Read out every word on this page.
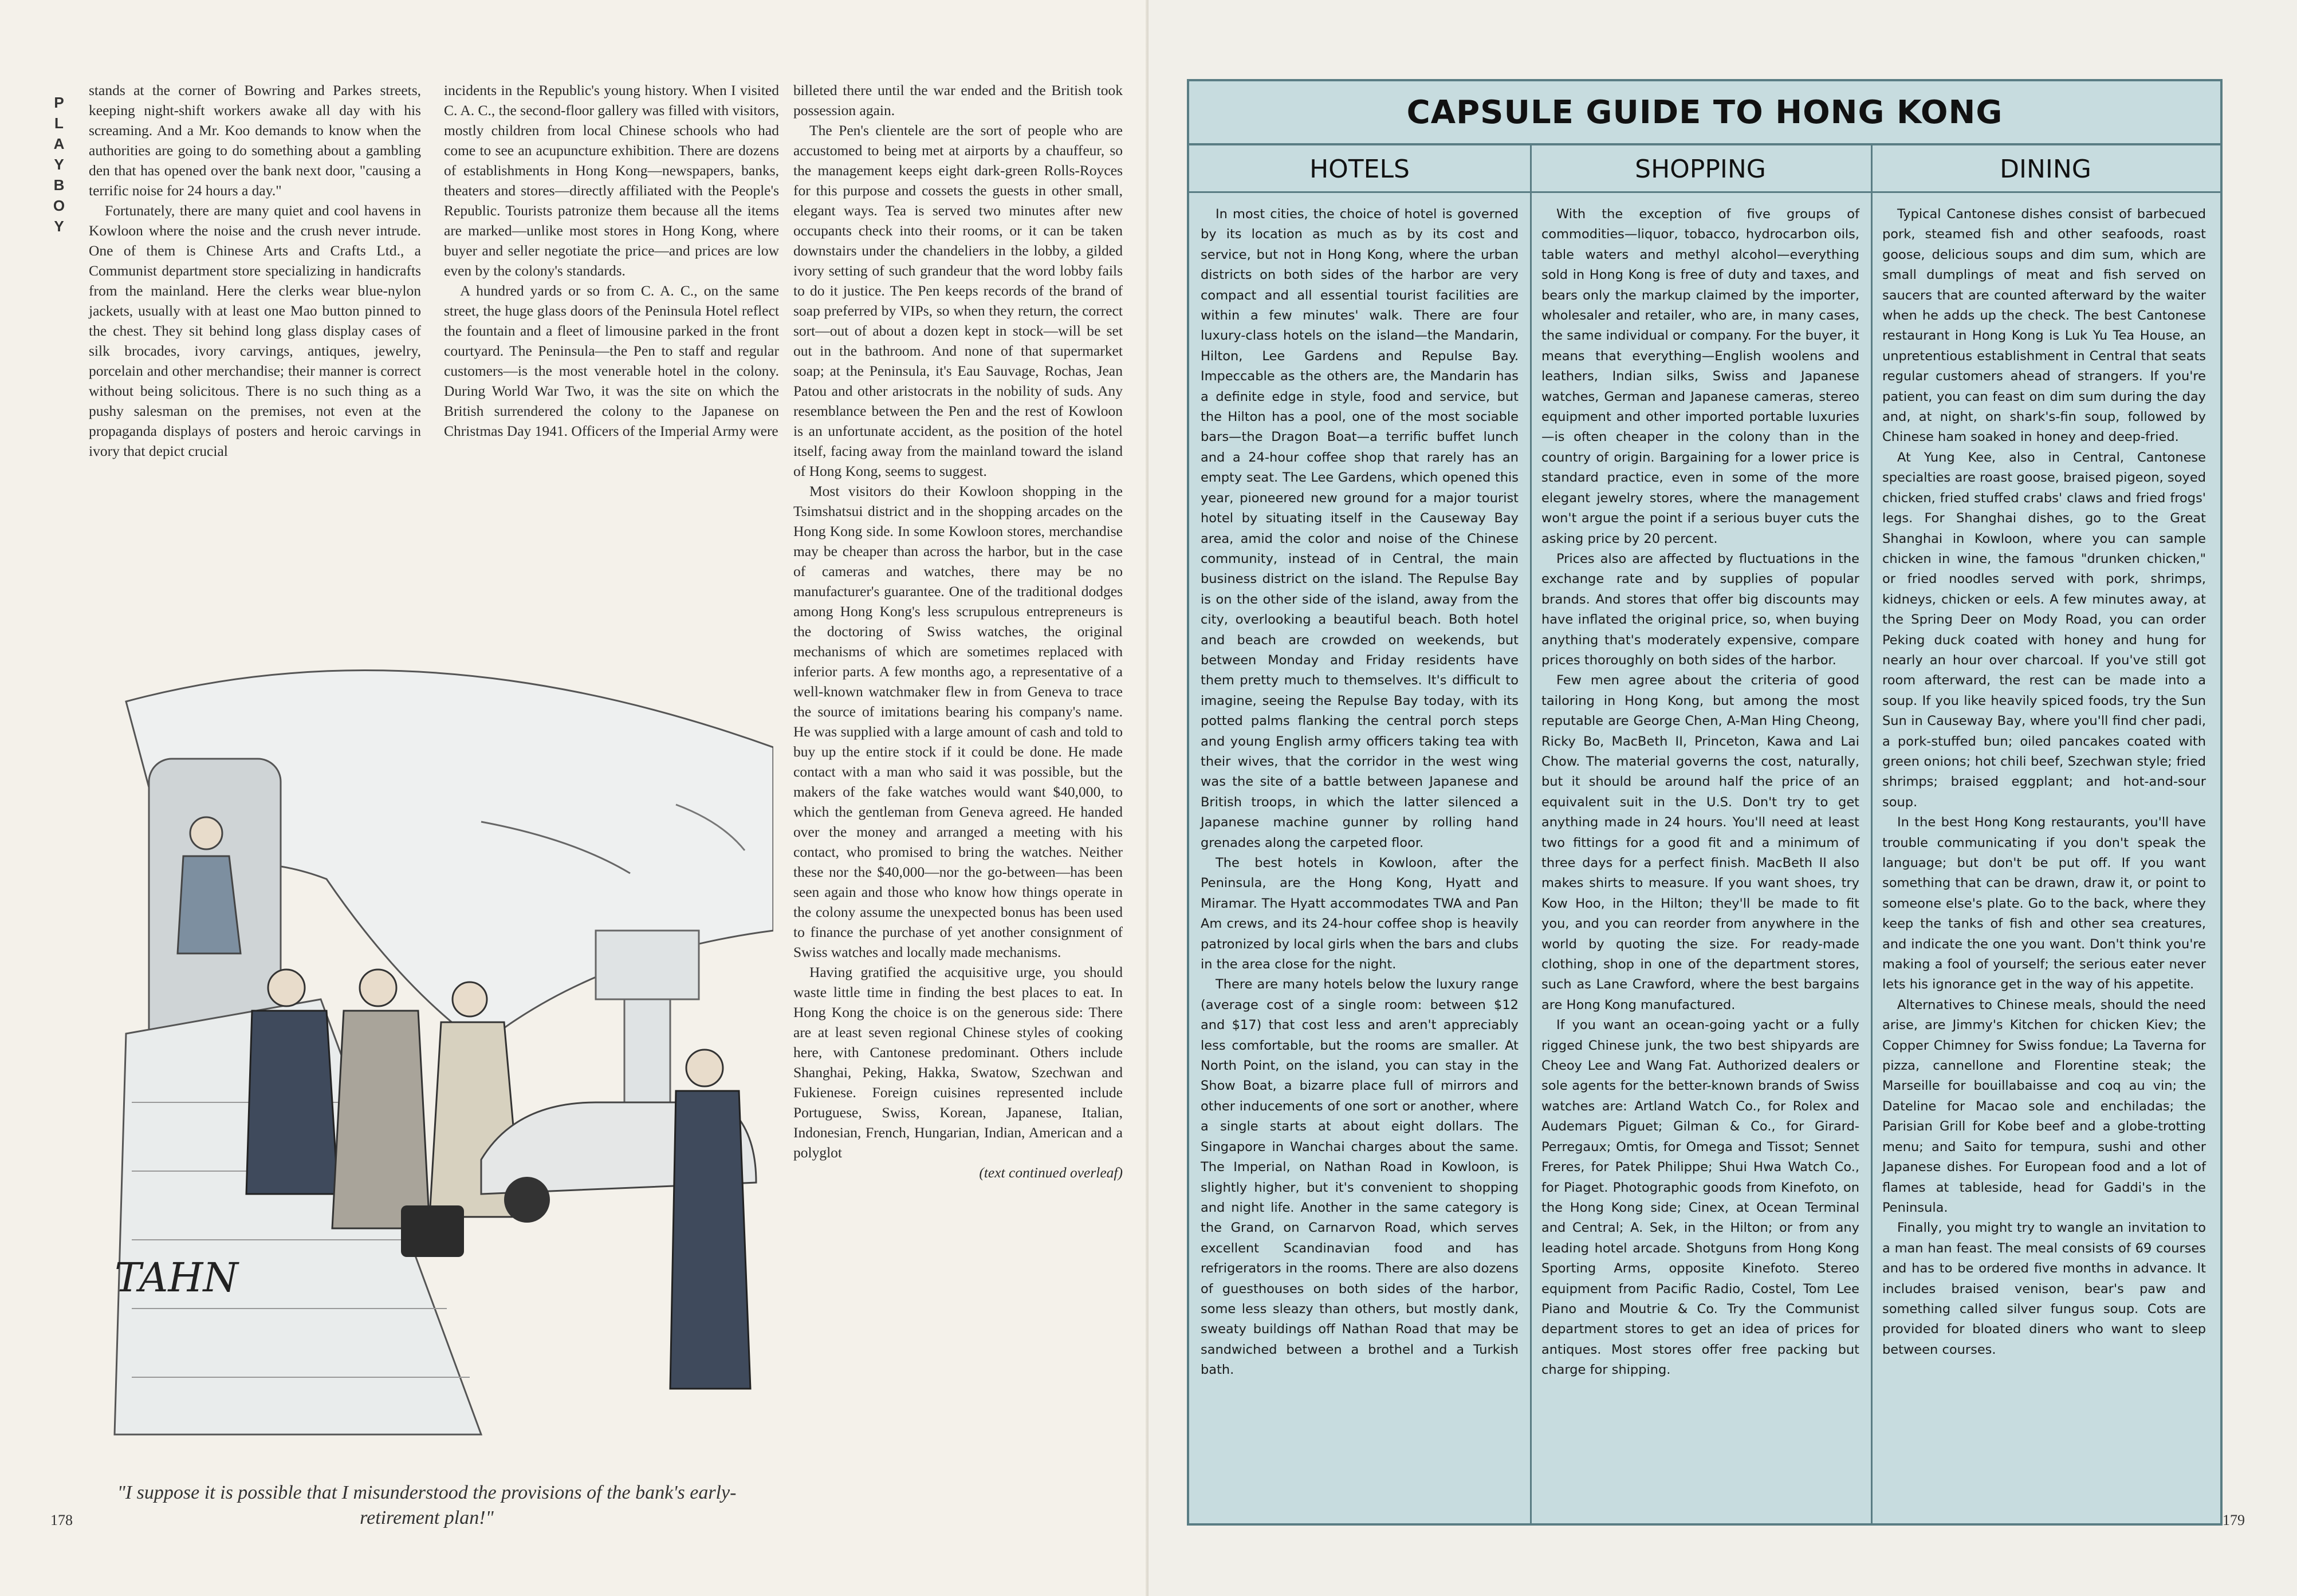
PLAYBOY

stands at the corner of Bowring and Parkes streets, keeping night-shift workers awake all day with his screaming. And a Mr. Koo demands to know when the authorities are going to do something about a gambling den that has opened over the bank next door, "causing a terrific noise for 24 hours a day."

Fortunately, there are many quiet and cool havens in Kowloon where the noise and the crush never intrude. One of them is Chinese Arts and Crafts Ltd., a Communist department store specializing in handicrafts from the mainland. Here the clerks wear blue-nylon jackets, usually with at least one Mao button pinned to the chest. They sit behind long glass display cases of silk brocades, ivory carvings, antiques, jewelry, porcelain and other merchandise; their manner is correct without being solicitous. There is no such thing as a pushy salesman on the premises, not even at the propaganda displays of posters and heroic carvings in ivory that depict crucial

incidents in the Republic's young history. When I visited C. A. C., the second-floor gallery was filled with visitors, mostly children from local Chinese schools who had come to see an acupuncture exhibition. There are dozens of establishments in Hong Kong—newspapers, banks, theaters and stores—directly affiliated with the People's Republic. Tourists patronize them because all the items are marked—unlike most stores in Hong Kong, where buyer and seller negotiate the price—and prices are low even by the colony's standards.

A hundred yards or so from C. A. C., on the same street, the huge glass doors of the Peninsula Hotel reflect the fountain and a fleet of limousine parked in the front courtyard. The Peninsula—the Pen to staff and regular customers—is the most venerable hotel in the colony. During World War Two, it was the site on which the British surrendered the colony to the Japanese on Christmas Day 1941. Officers of the Imperial Army were

billeted there until the war ended and the British took possession again.

The Pen's clientele are the sort of people who are accustomed to being met at airports by a chauffeur, so the management keeps eight dark-green Rolls-Royces for this purpose and cossets the guests in other small, elegant ways. Tea is served two minutes after new occupants check into their rooms, or it can be taken downstairs under the chandeliers in the lobby, a gilded ivory setting of such grandeur that the word lobby fails to do it justice. The Pen keeps records of the brand of soap preferred by VIPs, so when they return, the correct sort—out of about a dozen kept in stock—will be set out in the bathroom. And none of that supermarket soap; at the Peninsula, it's Eau Sauvage, Rochas, Jean Patou and other aristocrats in the nobility of suds. Any resemblance between the Pen and the rest of Kowloon is an unfortunate accident, as the position of the hotel itself, facing away from the mainland toward the island of Hong Kong, seems to suggest.

Most visitors do their Kowloon shopping in the Tsimshatsui district and in the shopping arcades on the Hong Kong side. In some Kowloon stores, merchandise may be cheaper than across the harbor, but in the case of cameras and watches, there may be no manufacturer's guarantee. One of the traditional dodges among Hong Kong's less scrupulous entrepreneurs is the doctoring of Swiss watches, the original mechanisms of which are sometimes replaced with inferior parts. A few months ago, a representative of a well-known watchmaker flew in from Geneva to trace the source of imitations bearing his company's name. He was supplied with a large amount of cash and told to buy up the entire stock if it could be done. He made contact with a man who said it was possible, but the makers of the fake watches would want $40,000, to which the gentleman from Geneva agreed. He handed over the money and arranged a meeting with his contact, who promised to bring the watches. Neither these nor the $40,000—nor the go-between—has been seen again and those who know how things operate in the colony assume the unexpected bonus has been used to finance the purchase of yet another consignment of Swiss watches and locally made mechanisms.

Having gratified the acquisitive urge, you should waste little time in finding the best places to eat. In Hong Kong the choice is on the generous side: There are at least seven regional Chinese styles of cooking here, with Cantonese predominant. Others include Shanghai, Peking, Hakka, Swatow, Szechwan and Fukienese. Foreign cuisines represented include Portuguese, Swiss, Korean, Japanese, Italian, Indonesian, French, Hungarian, Indian, American and a polyglot

(text continued overleaf)

TAHN
"I suppose it is possible that I misunderstood the provisions of the bank's early-retirement plan!"
178
CAPSULE GUIDE TO HONG KONG
HOTELS	SHOPPING	DINING

In most cities, the choice of hotel is governed by its location as much as by its cost and service, but not in Hong Kong, where the urban districts on both sides of the harbor are very compact and all essential tourist facilities are within a few minutes' walk. There are four luxury-class hotels on the island—the Mandarin, Hilton, Lee Gardens and Repulse Bay. Impeccable as the others are, the Mandarin has a definite edge in style, food and service, but the Hilton has a pool, one of the most sociable bars—the Dragon Boat—a terrific buffet lunch and a 24-hour coffee shop that rarely has an empty seat. The Lee Gardens, which opened this year, pioneered new ground for a major tourist hotel by situating itself in the Causeway Bay area, amid the color and noise of the Chinese community, instead of in Central, the main business district on the island. The Repulse Bay is on the other side of the island, away from the city, overlooking a beautiful beach. Both hotel and beach are crowded on weekends, but between Monday and Friday residents have them pretty much to themselves. It's difficult to imagine, seeing the Repulse Bay today, with its potted palms flanking the central porch steps and young English army officers taking tea with their wives, that the corridor in the west wing was the site of a battle between Japanese and British troops, in which the latter silenced a Japanese machine gunner by rolling hand grenades along the carpeted floor.

The best hotels in Kowloon, after the Peninsula, are the Hong Kong, Hyatt and Miramar. The Hyatt accommodates TWA and Pan Am crews, and its 24-hour coffee shop is heavily patronized by local girls when the bars and clubs in the area close for the night.

There are many hotels below the luxury range (average cost of a single room: between $12 and $17) that cost less and aren't appreciably less comfortable, but the rooms are smaller. At North Point, on the island, you can stay in the Show Boat, a bizarre place full of mirrors and other inducements of one sort or another, where a single starts at about eight dollars. The Singapore in Wanchai charges about the same. The Imperial, on Nathan Road in Kowloon, is slightly higher, but it's convenient to shopping and night life. Another in the same category is the Grand, on Carnarvon Road, which serves excellent Scandinavian food and has refrigerators in the rooms. There are also dozens of guesthouses on both sides of the harbor, some less sleazy than others, but mostly dank, sweaty buildings off Nathan Road that may be sandwiched between a brothel and a Turkish bath.

With the exception of five groups of commodities—liquor, tobacco, hydrocarbon oils, table waters and methyl alcohol—everything sold in Hong Kong is free of duty and taxes, and bears only the markup claimed by the importer, wholesaler and retailer, who are, in many cases, the same individual or company. For the buyer, it means that everything—English woolens and leathers, Indian silks, Swiss and Japanese watches, German and Japanese cameras, stereo equipment and other imported portable luxuries—is often cheaper in the colony than in the country of origin. Bargaining for a lower price is standard practice, even in some of the more elegant jewelry stores, where the management won't argue the point if a serious buyer cuts the asking price by 20 percent.

Prices also are affected by fluctuations in the exchange rate and by supplies of popular brands. And stores that offer big discounts may have inflated the original price, so, when buying anything that's moderately expensive, compare prices thoroughly on both sides of the harbor.

Few men agree about the criteria of good tailoring in Hong Kong, but among the most reputable are George Chen, A-Man Hing Cheong, Ricky Bo, MacBeth II, Princeton, Kawa and Lai Chow. The material governs the cost, naturally, but it should be around half the price of an equivalent suit in the U.S. Don't try to get anything made in 24 hours. You'll need at least two fittings for a good fit and a minimum of three days for a perfect finish. MacBeth II also makes shirts to measure. If you want shoes, try Kow Hoo, in the Hilton; they'll be made to fit you, and you can reorder from anywhere in the world by quoting the size. For ready-made clothing, shop in one of the department stores, such as Lane Crawford, where the best bargains are Hong Kong manufactured.

If you want an ocean-going yacht or a fully rigged Chinese junk, the two best shipyards are Cheoy Lee and Wang Fat. Authorized dealers or sole agents for the better-known brands of Swiss watches are: Artland Watch Co., for Rolex and Audemars Piguet; Gilman & Co., for Girard-Perregaux; Omtis, for Omega and Tissot; Sennet Freres, for Patek Philippe; Shui Hwa Watch Co., for Piaget. Photographic goods from Kinefoto, on the Hong Kong side; Cinex, at Ocean Terminal and Central; A. Sek, in the Hilton; or from any leading hotel arcade. Shotguns from Hong Kong Sporting Arms, opposite Kinefoto. Stereo equipment from Pacific Radio, Costel, Tom Lee Piano and Moutrie & Co. Try the Communist department stores to get an idea of prices for antiques. Most stores offer free packing but charge for shipping.

Typical Cantonese dishes consist of barbecued pork, steamed fish and other seafoods, roast goose, delicious soups and dim sum, which are small dumplings of meat and fish served on saucers that are counted afterward by the waiter when he adds up the check. The best Cantonese restaurant in Hong Kong is Luk Yu Tea House, an unpretentious establishment in Central that seats regular customers ahead of strangers. If you're patient, you can feast on dim sum during the day and, at night, on shark's-fin soup, followed by Chinese ham soaked in honey and deep-fried.

At Yung Kee, also in Central, Cantonese specialties are roast goose, braised pigeon, soyed chicken, fried stuffed crabs' claws and fried frogs' legs. For Shanghai dishes, go to the Great Shanghai in Kowloon, where you can sample chicken in wine, the famous "drunken chicken," or fried noodles served with pork, shrimps, kidneys, chicken or eels. A few minutes away, at the Spring Deer on Mody Road, you can order Peking duck coated with honey and hung for nearly an hour over charcoal. If you've still got room afterward, the rest can be made into a soup. If you like heavily spiced foods, try the Sun Sun in Causeway Bay, where you'll find cher padi, a pork-stuffed bun; oiled pancakes coated with green onions; hot chili beef, Szechwan style; fried shrimps; braised eggplant; and hot-and-sour soup.

In the best Hong Kong restaurants, you'll have trouble communicating if you don't speak the language; but don't be put off. If you want something that can be drawn, draw it, or point to someone else's plate. Go to the back, where they keep the tanks of fish and other sea creatures, and indicate the one you want. Don't think you're making a fool of yourself; the serious eater never lets his ignorance get in the way of his appetite.

Alternatives to Chinese meals, should the need arise, are Jimmy's Kitchen for chicken Kiev; the Copper Chimney for Swiss fondue; La Taverna for pizza, cannellone and Florentine steak; the Marseille for bouillabaisse and coq au vin; the Dateline for Macao sole and enchiladas; the Parisian Grill for Kobe beef and a globe-trotting menu; and Saito for tempura, sushi and other Japanese dishes. For European food and a lot of flames at tableside, head for Gaddi's in the Peninsula.

Finally, you might try to wangle an invitation to a man han feast. The meal consists of 69 courses and has to be ordered five months in advance. It includes braised venison, bear's paw and something called silver fungus soup. Cots are provided for bloated diners who want to sleep between courses.

179
